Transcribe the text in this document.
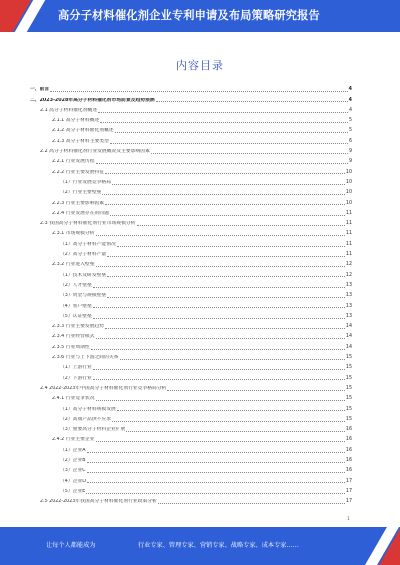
高分子材料催化剂企业专利申请及布局策略研究报告
内容目录
一、前言	4
二、2023-2028年高分子材料催化剂市场前景及趋势预测	4
2.1 高分子材料催化剂概述	4
2.1.1 高分子材料概述	5
2.1.2 高分子材料催化剂概述	5
2.1.3 高分子材料主要类型	6
2.2 高分子材料催化剂行业发展概况及主要影响因素	9
2.2.1 行业发展历程	9
2.2.2 行业主要发展特征	10
（1）行业发展竞争格局	10
（2）行业主要壁垒	10
2.2.3 行业主要影响因素	10
2.2.4 行业发展存在的问题	11
2.3 我国高分子材料催化剂行业市场规模分析	11
2.3.1 市场规模分析	11
（1）高分子材料产能情况	11
（2）高分子材料产量	11
2.3.2 行业进入壁垒	12
（1）技术及研发壁垒	12
（2）人才壁垒	13
（3）资金与规模壁垒	13
（4）客户壁垒	13
（5）认证壁垒	13
2.3.3 行业主要发展趋势	14
2.3.4 行业经营模式	14
2.3.5 行业周期性	14
2.3.6 行业与上下游之间的关系	15
（1）上游行业	15
（2）下游行业	15
2.4 2022-2023年中国高分子材料催化剂行业竞争格局分析	15
2.4.1 行业竞争状况	15
（1）高分子材料规模发展	15
（2）高端产品供不应求	15
（3）重要高分子材料企业扩展	16
2.4.2 行业主要企业	16
（1）企业A	16
（2）企业B	16
（3）企业C	16
（4）企业D	17
（5）企业E	17
2.5 2022-2023年我国高分子材料催化剂行业政策分析	17
1
让每个人都能成为	行业专家、管理专家、营销专家、战略专家、成本专家……
